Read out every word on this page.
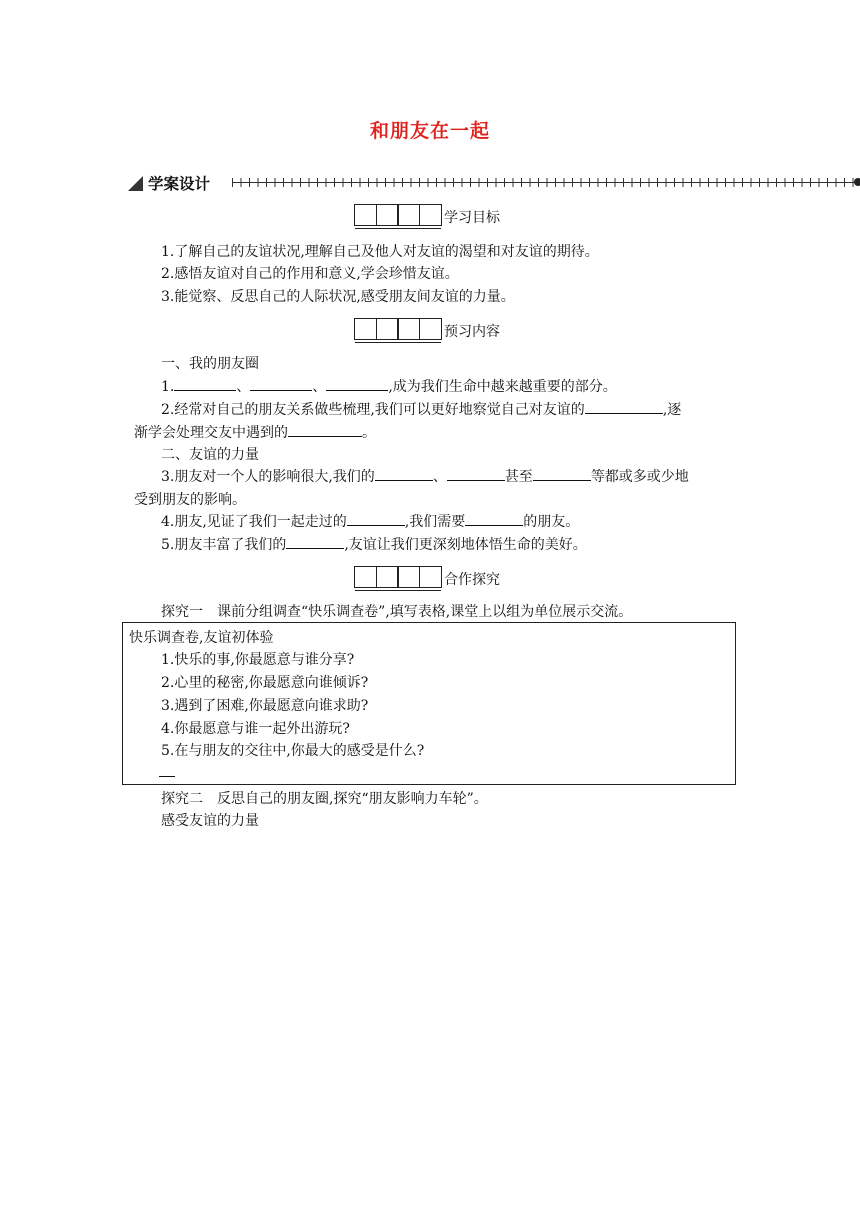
和朋友在一起
学案设计
学习目标
1.了解自己的友谊状况,理解自己及他人对友谊的渴望和对友谊的期待。
2.感悟友谊对自己的作用和意义,学会珍惜友谊。
3.能觉察、反思自己的人际状况,感受朋友间友谊的力量。
预习内容
一、我的朋友圈
1.	、	、	,成为我们生命中越来越重要的部分。
2.经常对自己的朋友关系做些梳理,我们可以更好地察觉自己对友谊的	,逐
渐学会处理交友中遇到的	。
二、友谊的力量
3.朋友对一个人的影响很大,我们的	、	甚至	等都或多或少地
受到朋友的影响。
4.朋友,见证了我们一起走过的	,我们需要	的朋友。
5.朋友丰富了我们的	,友谊让我们更深刻地体悟生命的美好。
合作探究
探究一　课前分组调查“快乐调查卷”,填写表格,课堂上以组为单位展示交流。
快乐调查卷,友谊初体验
1.快乐的事,你最愿意与谁分享?
2.心里的秘密,你最愿意向谁倾诉?
3.遇到了困难,你最愿意向谁求助?
4.你最愿意与谁一起外出游玩?
5.在与朋友的交往中,你最大的感受是什么?
探究二　反思自己的朋友圈,探究“朋友影响力车轮”。
感受友谊的力量
